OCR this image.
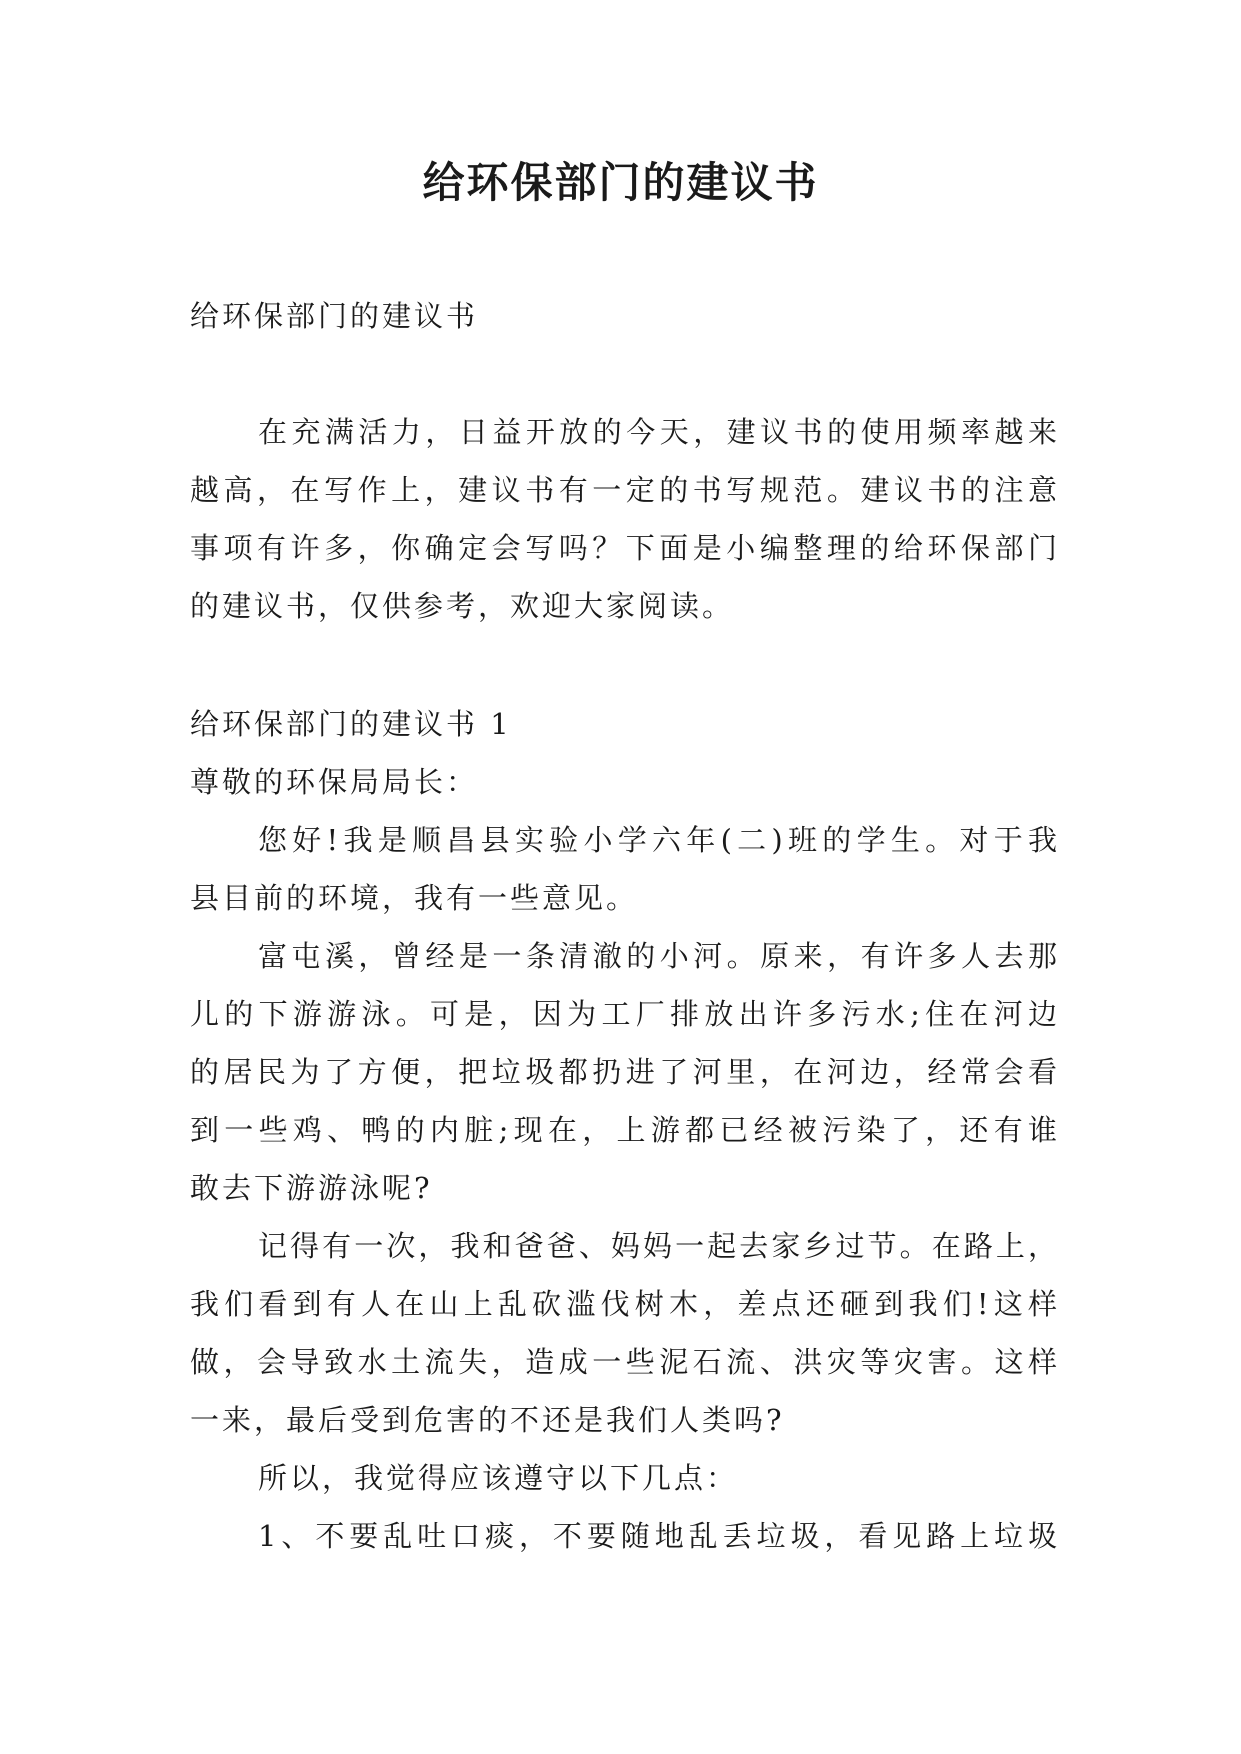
给环保部门的建议书
给环保部门的建议书
在充满活力，日益开放的今天，建议书的使用频率越来
越高，在写作上，建议书有一定的书写规范。建议书的注意
事项有许多，你确定会写吗？下面是小编整理的给环保部门
的建议书，仅供参考，欢迎大家阅读。
给环保部门的建议书 1
尊敬的环保局局长：
您好!我是顺昌县实验小学六年(二)班的学生。对于我
县目前的环境，我有一些意见。
富屯溪，曾经是一条清澈的小河。原来，有许多人去那
儿的下游游泳。可是，因为工厂排放出许多污水;住在河边
的居民为了方便，把垃圾都扔进了河里，在河边，经常会看
到一些鸡、鸭的内脏;现在，上游都已经被污染了，还有谁
敢去下游游泳呢?
记得有一次，我和爸爸、妈妈一起去家乡过节。在路上，
我们看到有人在山上乱砍滥伐树木，差点还砸到我们!这样
做，会导致水土流失，造成一些泥石流、洪灾等灾害。这样
一来，最后受到危害的不还是我们人类吗?
所以，我觉得应该遵守以下几点：
1、不要乱吐口痰，不要随地乱丢垃圾，看见路上垃圾
